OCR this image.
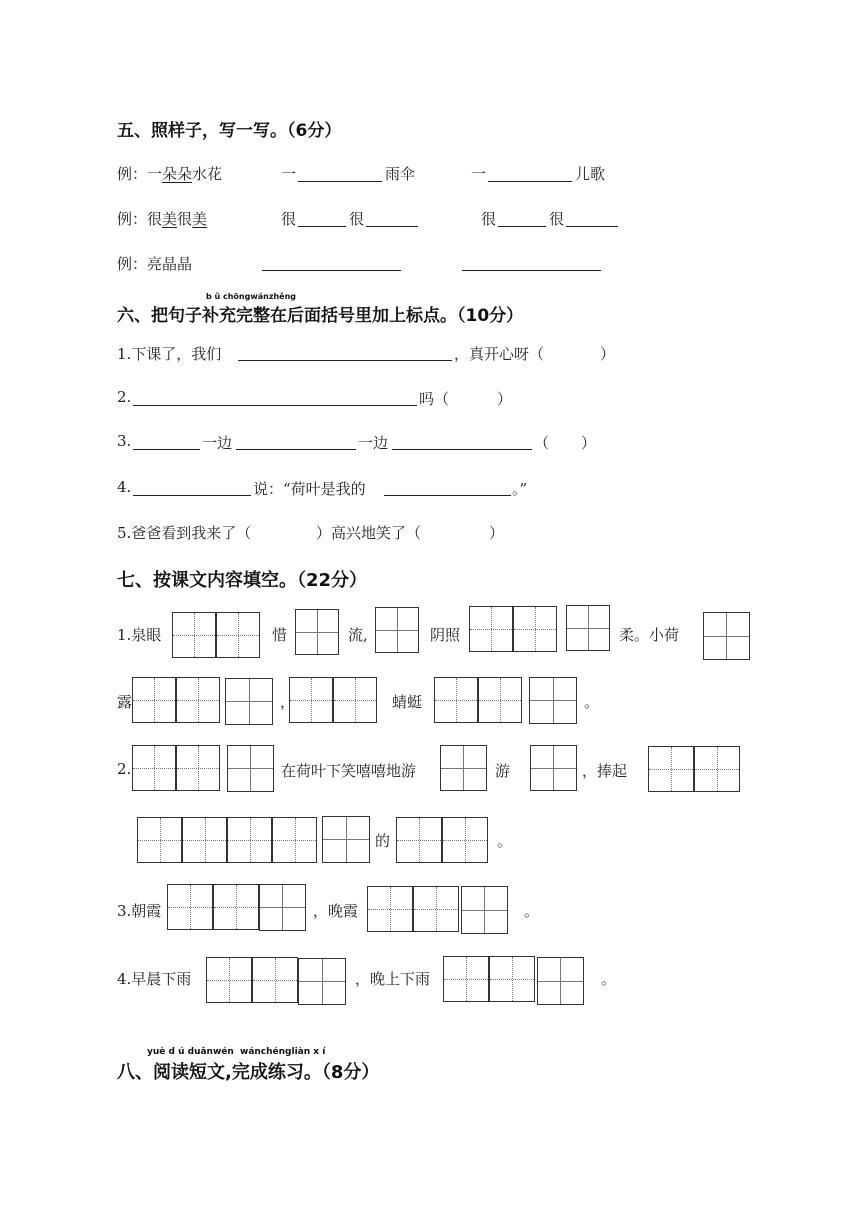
五、照样子，写一写。（6分）
例：一朵朵水花	一	雨伞	一	儿歌
例：很美很美	很	很	很	很
例：亮晶晶
b ǔ chōngwánzhěng
六、把句子补充完整在后面括号里加上标点。（10分）
1.下课了，我们	，真开心呀（	）
2.	吗（	）
3.	一边	一边	（ ）
4.	说：“荷叶是我的	。”
5.爸爸看到我来了（	）高兴地笑了（	）
七、按课文内容填空。（22分）
1.泉眼	惜	流,	阴照	柔。小荷
露	，	蜻蜓	。
2.	在荷叶下笑嘻嘻地游	游	，捧起
的	。
3.朝霞	，晚霞	。
4.早晨下雨	，晚上下雨	。
yuè d ú duǎnwén wánchéngliàn x í
八、阅读短文,完成练习。（8分）
